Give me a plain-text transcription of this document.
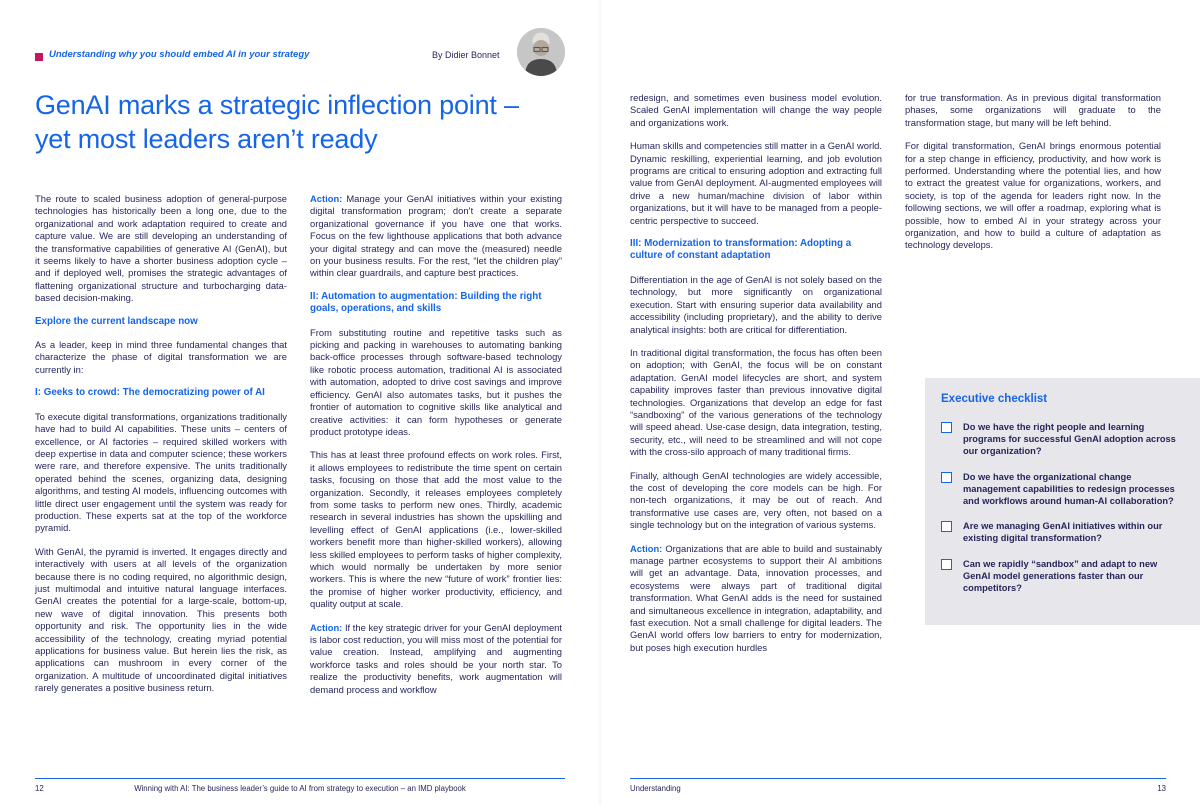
Understanding why you should embed AI in your strategy	By Didier Bonnet
GenAI marks a strategic inflection point –
yet most leaders aren’t ready

The route to scaled business adoption of general-purpose technologies has historically been a long one, due to the organizational and work adaptation required to create and capture value. We are still developing an understanding of the transformative capabilities of generative AI (GenAI), but it seems likely to have a shorter business adoption cycle – and if deployed well, promises the strategic advantages of flattening organizational structure and turbocharging data-based decision-making.

Explore the current landscape now

As a leader, keep in mind three fundamental changes that characterize the phase of digital transformation we are currently in:

I: Geeks to crowd: The democratizing power of AI

To execute digital transformations, organizations traditionally have had to build AI capabilities. These units – centers of excellence, or AI factories – required skilled workers with deep expertise in data and computer science; these workers were rare, and therefore expensive. The units traditionally operated behind the scenes, organizing data, designing algorithms, and testing AI models, influencing outcomes with little direct user engagement until the system was ready for production. These experts sat at the top of the workforce pyramid.

With GenAI, the pyramid is inverted. It engages directly and interactively with users at all levels of the organization because there is no coding required, no algorithmic design, just multimodal and intuitive natural language interfaces. GenAI creates the potential for a large-scale, bottom-up, new wave of digital innovation. This presents both opportunity and risk. The opportunity lies in the wide accessibility of the technology, creating myriad potential applications for business value. But herein lies the risk, as applications can mushroom in every corner of the organization. A multitude of uncoordinated digital initiatives rarely generates a positive business return.

Action: Manage your GenAI initiatives within your existing digital transformation program; don’t create a separate organizational governance if you have one that works. Focus on the few lighthouse applications that both advance your digital strategy and can move the (measured) needle on your business results. For the rest, “let the children play” within clear guardrails, and capture best practices.

II: Automation to augmentation: Building the right goals, operations, and skills

From substituting routine and repetitive tasks such as picking and packing in warehouses to automating banking back-office processes through software-based technology like robotic process automation, traditional AI is associated with automation, adopted to drive cost savings and improve efficiency. GenAI also automates tasks, but it pushes the frontier of automation to cognitive skills like analytical and creative activities: it can form hypotheses or generate product prototype ideas.

This has at least three profound effects on work roles. First, it allows employees to redistribute the time spent on certain tasks, focusing on those that add the most value to the organization. Secondly, it releases employees completely from some tasks to perform new ones. Thirdly, academic research in several industries has shown the upskilling and levelling effect of GenAI applications (i.e., lower-skilled workers benefit more than higher-skilled workers), allowing less skilled employees to perform tasks of higher complexity, which would normally be undertaken by more senior workers. This is where the new “future of work” frontier lies: the promise of higher worker productivity, efficiency, and quality output at scale.

Action: If the key strategic driver for your GenAI deployment is labor cost reduction, you will miss most of the potential for value creation. Instead, amplifying and augmenting workforce tasks and roles should be your north star. To realize the productivity benefits, work augmentation will demand process and workflow

redesign, and sometimes even business model evolution. Scaled GenAI implementation will change the way people and organizations work.

Human skills and competencies still matter in a GenAI world. Dynamic reskilling, experiential learning, and job evolution programs are critical to ensuring adoption and extracting full value from GenAI deployment. AI-augmented employees will drive a new human/machine division of labor within organizations, but it will have to be managed from a people-centric perspective to succeed.

III: Modernization to transformation: Adopting a culture of constant adaptation

Differentiation in the age of GenAI is not solely based on the technology, but more significantly on organizational execution. Start with ensuring superior data availability and accessibility (including proprietary), and the ability to derive analytical insights: both are critical for differentiation.

In traditional digital transformation, the focus has often been on adoption; with GenAI, the focus will be on constant adaptation. GenAI model lifecycles are short, and system capability improves faster than previous innovative digital technologies. Organizations that develop an edge for fast “sandboxing” of the various generations of the technology will speed ahead. Use-case design, data integration, testing, security, etc., will need to be streamlined and will not cope with the cross-silo approach of many traditional firms.

Finally, although GenAI technologies are widely accessible, the cost of developing the core models can be high. For non-tech organizations, it may be out of reach. And transformative use cases are, very often, not based on a single technology but on the integration of various systems.

Action: Organizations that are able to build and sustainably manage partner ecosystems to support their AI ambitions will get an advantage. Data, innovation processes, and ecosystems were always part of traditional digital transformation. What GenAI adds is the need for sustained and simultaneous excellence in integration, adaptability, and fast execution. Not a small challenge for digital leaders. The GenAI world offers low barriers to entry for modernization, but poses high execution hurdles

for true transformation. As in previous digital transformation phases, some organizations will graduate to the transformation stage, but many will be left behind.

For digital transformation, GenAI brings enormous potential for a step change in efficiency, productivity, and how work is performed. Understanding where the potential lies, and how to extract the greatest value for organizations, workers, and society, is top of the agenda for leaders right now. In the following sections, we will offer a roadmap, exploring what is possible, how to embed AI in your strategy across your organization, and how to build a culture of adaptation as technology develops.

Executive checklist
Do we have the right people and learning programs for successful GenAI adoption across our organization?
Do we have the organizational change management capabilities to redesign processes and workflows around human-AI collaboration?
Are we managing GenAI initiatives within our existing digital transformation?
Can we rapidly “sandbox” and adapt to new GenAI model generations faster than our competitors?
12	Winning with AI: The business leader’s guide to AI from strategy to execution – an IMD playbook	Understanding	13
